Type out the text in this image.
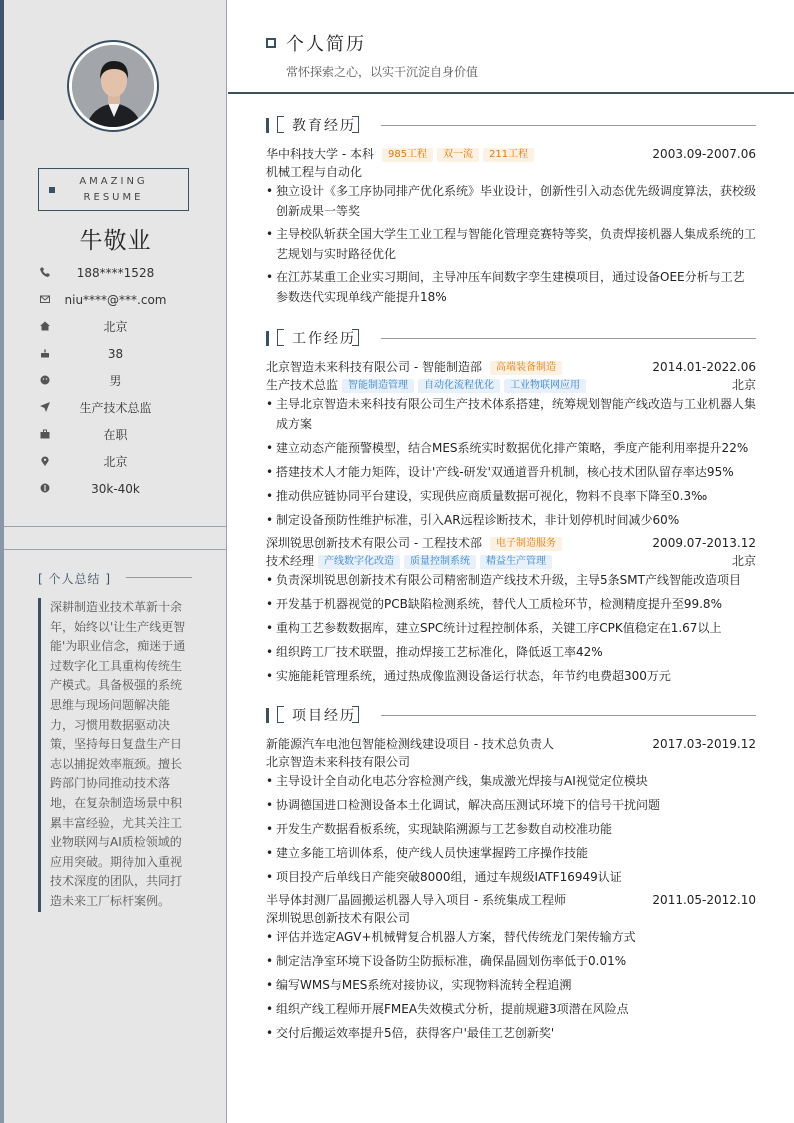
AMAZING
RESUME
牛敬业
188****1528
niu****@***.com
北京
38
男
生产技术总监
在职
北京
30k-40k
[ 个人总结 ]
深耕制造业技术革新十余年，始终以'让生产线更智能'为职业信念，痴迷于通过数字化工具重构传统生产模式。具备极强的系统思维与现场问题解决能力，习惯用数据驱动决策，坚持每日复盘生产日志以捕捉效率瓶颈。擅长跨部门协同推动技术落地，在复杂制造场景中积累丰富经验，尤其关注工业物联网与AI质检领域的应用突破。期待加入重视技术深度的团队，共同打造未来工厂标杆案例。
个人简历
常怀探索之心，以实干沉淀自身价值
教育经历
华中科技大学 - 本科 985工程 双一流 211工程	2003.09-2007.06
机械工程与自动化
• 独立设计《多工序协同排产优化系统》毕业设计，创新性引入动态优先级调度算法，获校级创新成果一等奖
• 主导校队斩获全国大学生工业工程与智能化管理竞赛特等奖，负责焊接机器人集成系统的工艺规划与实时路径优化
• 在江苏某重工企业实习期间，主导冲压车间数字孪生建模项目，通过设备OEE分析与工艺参数迭代实现单线产能提升18%
工作经历
北京智造未来科技有限公司 - 智能制造部 高端装备制造	2014.01-2022.06
生产技术总监 智能制造管理 自动化流程优化 工业物联网应用	北京
• 主导北京智造未来科技有限公司生产技术体系搭建，统筹规划智能产线改造与工业机器人集成方案
• 建立动态产能预警模型，结合MES系统实时数据优化排产策略，季度产能利用率提升22%
• 搭建技术人才能力矩阵，设计'产线-研发'双通道晋升机制，核心技术团队留存率达95%
• 推动供应链协同平台建设，实现供应商质量数据可视化，物料不良率下降至0.3‰
• 制定设备预防性维护标准，引入AR远程诊断技术，非计划停机时间减少60%
深圳锐思创新技术有限公司 - 工程技术部 电子制造服务	2009.07-2013.12
技术经理 产线数字化改造 质量控制系统 精益生产管理	北京
• 负责深圳锐思创新技术有限公司精密制造产线技术升级，主导5条SMT产线智能改造项目
• 开发基于机器视觉的PCB缺陷检测系统，替代人工质检环节，检测精度提升至99.8%
• 重构工艺参数数据库，建立SPC统计过程控制体系，关键工序CPK值稳定在1.67以上
• 组织跨工厂技术联盟，推动焊接工艺标准化，降低返工率42%
• 实施能耗管理系统，通过热成像监测设备运行状态，年节约电费超300万元
项目经历
新能源汽车电池包智能检测线建设项目 - 技术总负责人	2017.03-2019.12
北京智造未来科技有限公司
• 主导设计全自动化电芯分容检测产线，集成激光焊接与AI视觉定位模块
• 协调德国进口检测设备本土化调试，解决高压测试环境下的信号干扰问题
• 开发生产数据看板系统，实现缺陷溯源与工艺参数自动校准功能
• 建立多能工培训体系，使产线人员快速掌握跨工序操作技能
• 项目投产后单线日产能突破8000组，通过车规级IATF16949认证
半导体封测厂晶圆搬运机器人导入项目 - 系统集成工程师	2011.05-2012.10
深圳锐思创新技术有限公司
• 评估并选定AGV+机械臂复合机器人方案，替代传统龙门架传输方式
• 制定洁净室环境下设备防尘防振标准，确保晶圆划伤率低于0.01%
• 编写WMS与MES系统对接协议，实现物料流转全程追溯
• 组织产线工程师开展FMEA失效模式分析，提前规避3项潜在风险点
• 交付后搬运效率提升5倍，获得客户'最佳工艺创新奖'
